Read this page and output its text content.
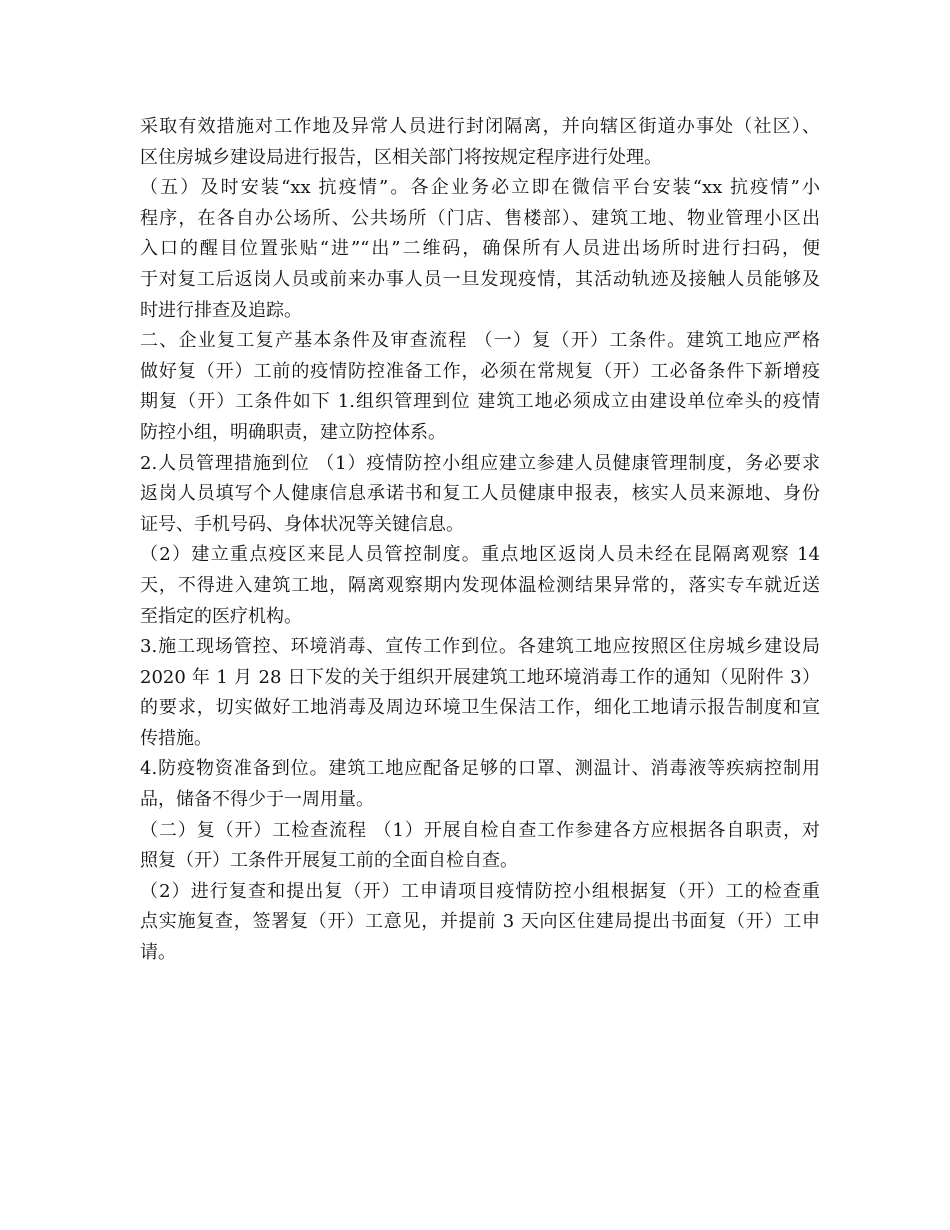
采取有效措施对工作地及异常人员进行封闭隔离，并向辖区街道办事处（社区）、
区住房城乡建设局进行报告，区相关部门将按规定程序进行处理。
（五）及时安装“xx 抗疫情”。各企业务必立即在微信平台安装“xx 抗疫情”小
程序，在各自办公场所、公共场所（门店、售楼部）、建筑工地、物业管理小区出
入口的醒目位置张贴“进”“出”二维码，确保所有人员进出场所时进行扫码，便
于对复工后返岗人员或前来办事人员一旦发现疫情，其活动轨迹及接触人员能够及
时进行排查及追踪。
二、企业复工复产基本条件及审查流程 （一）复（开）工条件。建筑工地应严格
做好复（开）工前的疫情防控准备工作，必须在常规复（开）工必备条件下新增疫
期复（开）工条件如下 1.组织管理到位 建筑工地必须成立由建设单位牵头的疫情
防控小组，明确职责，建立防控体系。
2.人员管理措施到位 （1）疫情防控小组应建立参建人员健康管理制度，务必要求
返岗人员填写个人健康信息承诺书和复工人员健康申报表，核实人员来源地、身份
证号、手机号码、身体状况等关键信息。
（2）建立重点疫区来昆人员管控制度。重点地区返岗人员未经在昆隔离观察 14
天，不得进入建筑工地，隔离观察期内发现体温检测结果异常的，落实专车就近送
至指定的医疗机构。
3.施工现场管控、环境消毒、宣传工作到位。各建筑工地应按照区住房城乡建设局
2020 年 1 月 28 日下发的关于组织开展建筑工地环境消毒工作的通知（见附件 3）
的要求，切实做好工地消毒及周边环境卫生保洁工作，细化工地请示报告制度和宣
传措施。
4.防疫物资准备到位。建筑工地应配备足够的口罩、测温计、消毒液等疾病控制用
品，储备不得少于一周用量。
（二）复（开）工检查流程 （1）开展自检自查工作参建各方应根据各自职责，对
照复（开）工条件开展复工前的全面自检自查。
（2）进行复查和提出复（开）工申请项目疫情防控小组根据复（开）工的检查重
点实施复查，签署复（开）工意见，并提前 3 天向区住建局提出书面复（开）工申
请。
